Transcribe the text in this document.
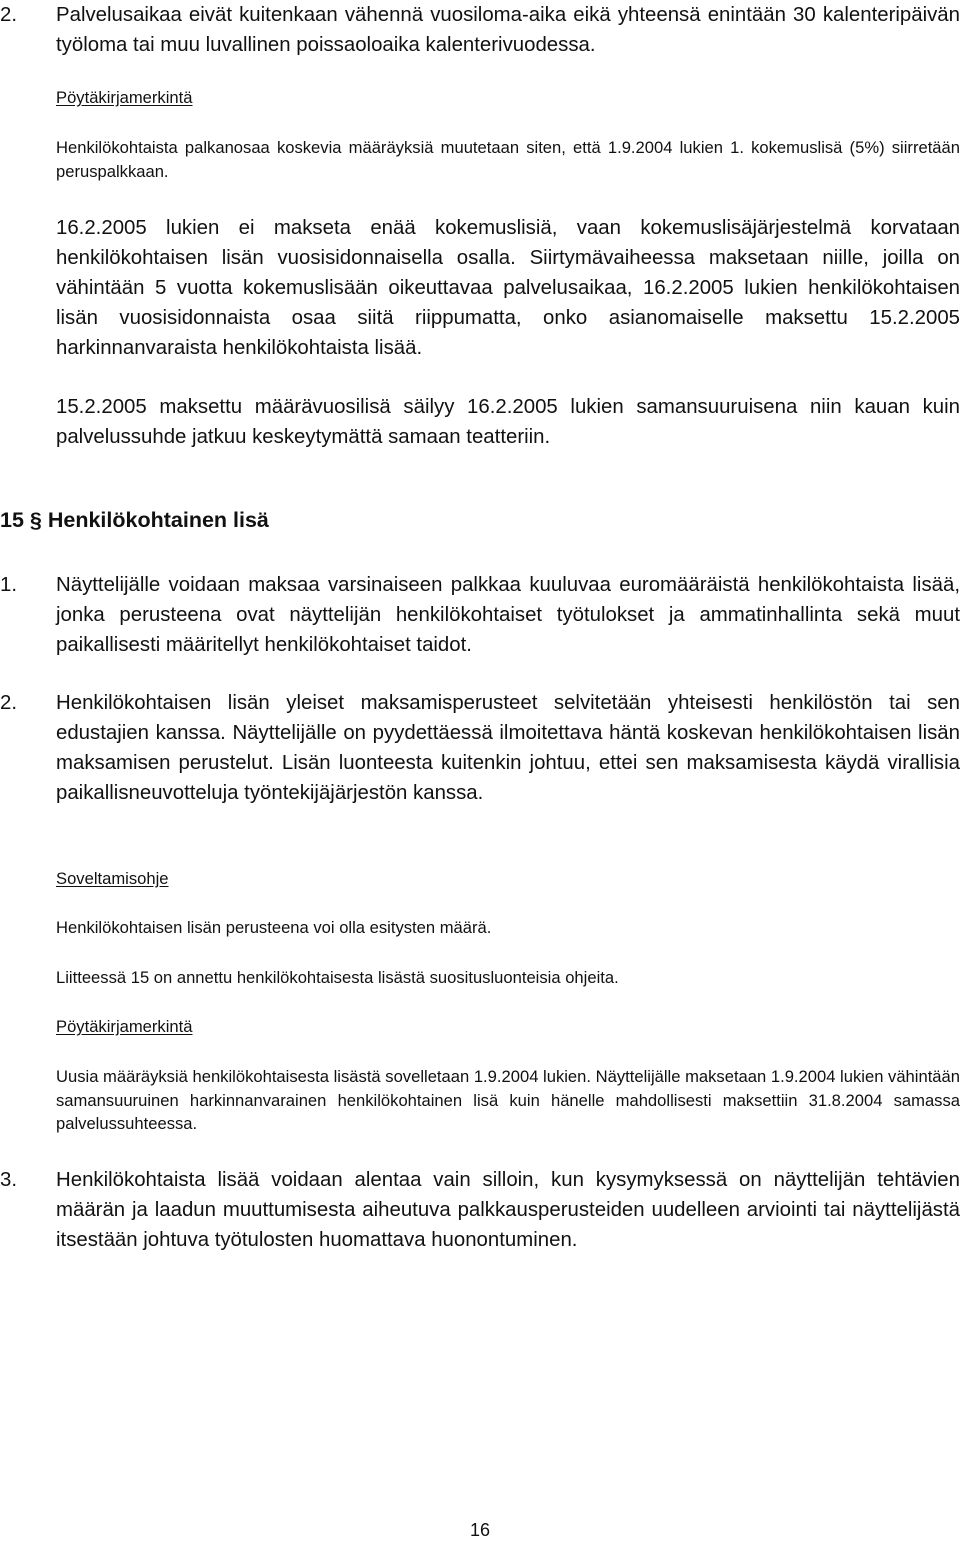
2. Palvelusaikaa eivät kuitenkaan vähennä vuosiloma-aika eikä yhteensä enintään 30 kalenteripäivän työloma tai muu luvallinen poissaoloaika kalenterivuodessa.

Pöytäkirjamerkintä

Henkilökohtaista palkanosaa koskevia määräyksiä muutetaan siten, että 1.9.2004 lukien 1. kokemuslisä (5%) siirretään peruspalkkaan.

16.2.2005 lukien ei makseta enää kokemuslisiä, vaan kokemuslisäjärjestelmä korvataan henkilökohtaisen lisän vuosisidonnaisella osalla. Siirtymävaiheessa maksetaan niille, joilla on vähintään 5 vuotta kokemuslisään oikeuttavaa palvelusaikaa, 16.2.2005 lukien henkilökohtaisen lisän vuosisidonnaista osaa siitä riippumatta, onko asianomaiselle maksettu 15.2.2005 harkinnanvaraista henkilökohtaista lisää.

15.2.2005 maksettu määrävuosilisä säilyy 16.2.2005 lukien samansuuruisena niin kauan kuin palvelussuhde jatkuu keskeytymättä samaan teatteriin.

15 § Henkilökohtainen lisä
1. Näyttelijälle voidaan maksaa varsinaiseen palkkaa kuuluvaa euromääräistä henkilökohtaista lisää, jonka perusteena ovat näyttelijän henkilökohtaiset työtulokset ja ammatinhallinta sekä muut paikallisesti määritellyt henkilökohtaiset taidot.

2. Henkilökohtaisen lisän yleiset maksamisperusteet selvitetään yhteisesti henkilöstön tai sen edustajien kanssa. Näyttelijälle on pyydettäessä ilmoitettava häntä koskevan henkilökohtaisen lisän maksamisen perustelut. Lisän luonteesta kuitenkin johtuu, ettei sen maksamisesta käydä virallisia paikallisneuvotteluja työntekijäjärjestön kanssa.

Soveltamisohje

Henkilökohtaisen lisän perusteena voi olla esitysten määrä.

Liitteessä 15 on annettu henkilökohtaisesta lisästä suositusluonteisia ohjeita.

Pöytäkirjamerkintä

Uusia määräyksiä henkilökohtaisesta lisästä sovelletaan 1.9.2004 lukien. Näyttelijälle maksetaan 1.9.2004 lukien vähintään samansuuruinen harkinnanvarainen henkilökohtainen lisä kuin hänelle mahdollisesti maksettiin 31.8.2004 samassa palvelussuhteessa.

3. Henkilökohtaista lisää voidaan alentaa vain silloin, kun kysymyksessä on näyttelijän tehtävien määrän ja laadun muuttumisesta aiheutuva palkkausperusteiden uudelleen arviointi tai näyttelijästä itsestään johtuva työtulosten huomattava huonontuminen.

16
